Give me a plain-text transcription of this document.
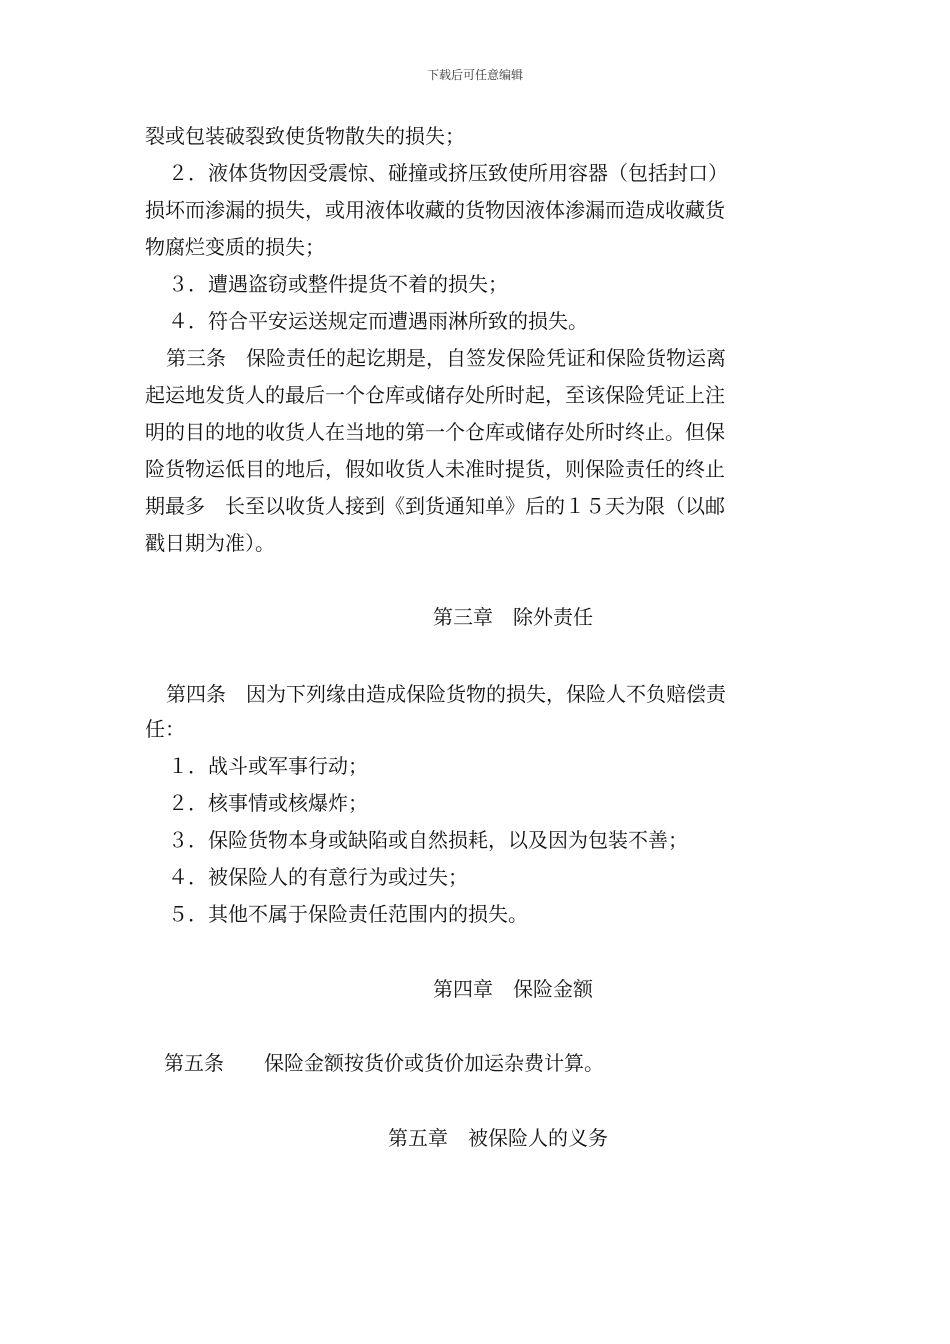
下载后可任意编辑
裂或包装破裂致使货物散失的损失；
２．液体货物因受震惊、碰撞或挤压致使所用容器（包括封口）
损坏而渗漏的损失，或用液体收藏的货物因液体渗漏而造成收藏货
物腐烂变质的损失；
３．遭遇盗窃或整件提货不着的损失；
４．符合平安运送规定而遭遇雨淋所致的损失。
第三条　保险责任的起讫期是，自签发保险凭证和保险货物运离
起运地发货人的最后一个仓库或储存处所时起，至该保险凭证上注
明的目的地的收货人在当地的第一个仓库或储存处所时终止。但保
险货物运低目的地后，假如收货人未准时提货，则保险责任的终止
期最多　长至以收货人接到《到货通知单》后的１５天为限（以邮
戳日期为准）。
第三章　除外责任
第四条　因为下列缘由造成保险货物的损失，保险人不负赔偿责
任：
１．战斗或军事行动；
２．核事情或核爆炸；
３．保险货物本身或缺陷或自然损耗，以及因为包装不善；
４．被保险人的有意行为或过失；
５．其他不属于保险责任范围内的损失。
第四章　保险金额
第五条　　保险金额按货价或货价加运杂费计算。
第五章　被保险人的义务
